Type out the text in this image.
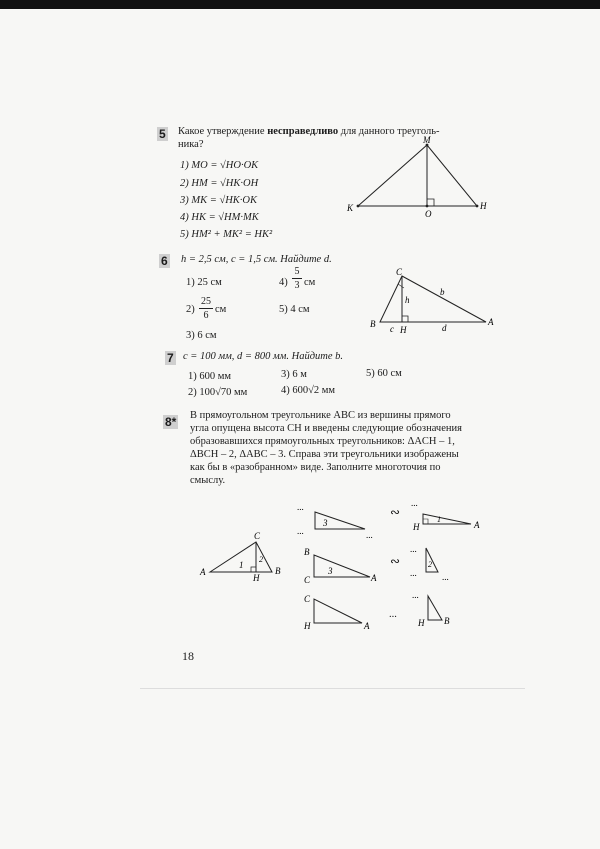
5 Какое утверждение несправедливо для данного треуголь-
ника?
1) MO = √HO·OK
2) HM = √HK·OH
3) MK = √HK·OK
4) HK = √HM·MK
5) HM² + MK² = HK²
M
K
O
H
6 h = 2,5 см, c = 1,5 см. Найдите d.
1) 25 см
2)
25
6
см
3) 6 см
4)
5
3 см
5) 4 см
C
h
b
B c H	d
A
7 c = 100 мм, d = 800 мм. Найдите b.
1) 600 мм
2) 100√70 мм
3) 6 м
4) 600√2 мм
5) 60 см
8* В прямоугольном треугольнике ABC из вершины прямого
угла опущена высота CH и введены следующие обозначения
образовавшихся прямоугольных треугольников: ΔACH – 1,
ΔBCH – 2, ΔABC – 3. Справа эти треугольники изображены
как бы в «разобранном» виде. Заполните многоточия по
смыслу.
C
A	B
H
1
2
...
...	...
3
∾
...
H	A
1
B
C	A
3
∾
...
...	...
2
C
H	A
...
...
H B
18
